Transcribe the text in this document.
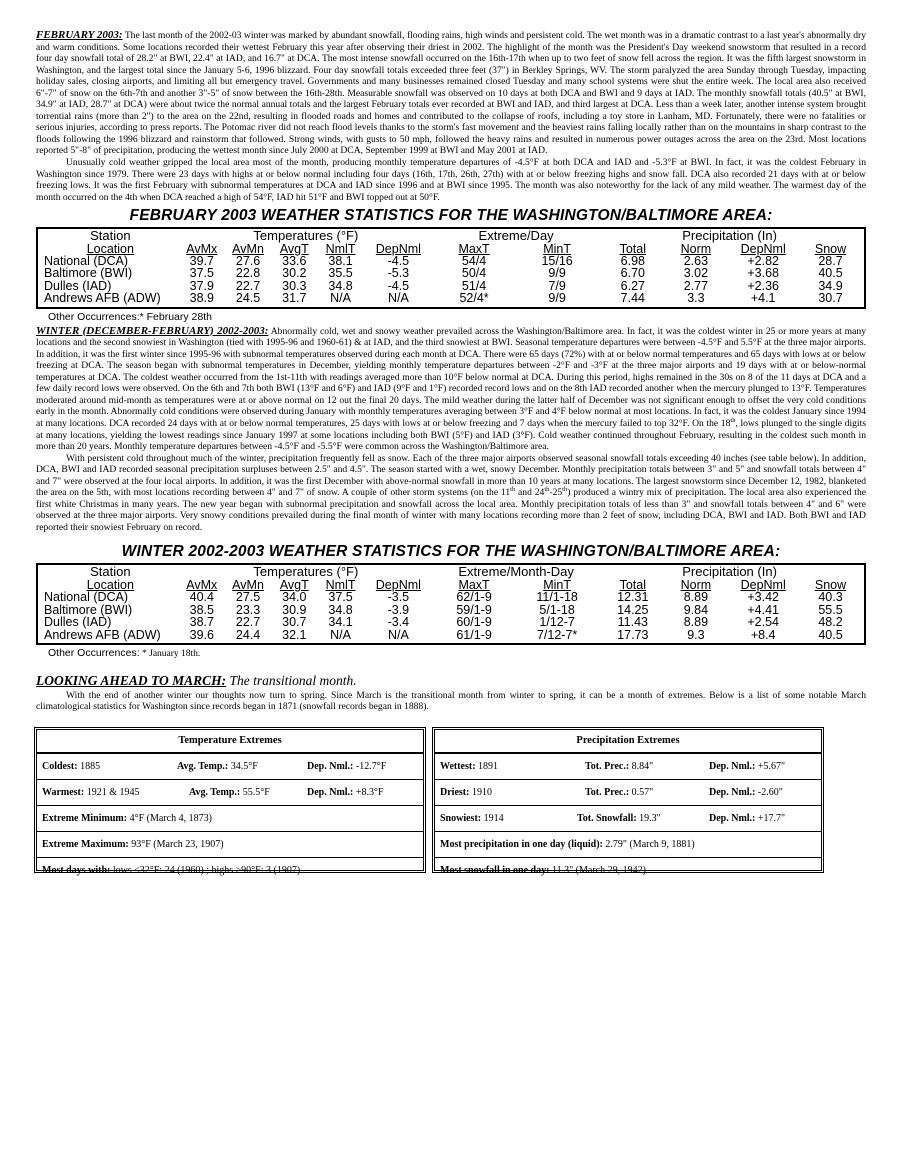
FEBRUARY 2003: The last month of the 2002-03 winter was marked by abundant snowfall, flooding rains, high winds and persistent cold. The wet month was in a dramatic contrast to a last year's abnormally dry and warm conditions. Some locations recorded their wettest February this year after observing their driest in 2002. The highlight of the month was the President's Day weekend snowstorm that resulted in a record four day snowfall total of 28.2" at BWI, 22.4" at IAD, and 16.7" at DCA. The most intense snowfall occurred on the 16th-17th when up to two feet of snow fell across the region. It was the fifth largest snowstorm in Washington, and the largest total since the January 5-6, 1996 blizzard. Four day snowfall totals exceeded three feet (37") in Berkley Springs, WV. The storm paralyzed the area Sunday through Tuesday, impacting holiday sales, closing airports, and limiting all but emergency travel. Governments and many businesses remained closed Tuesday and many school systems were shut the entire week. The local area also received 6"-7" of snow on the 6th-7th and another 3"-5" of snow between the 16th-28th. Measurable snowfall was observed on 10 days at both DCA and BWI and 9 days at IAD. The monthly snowfall totals (40.5" at BWI, 34.9" at IAD, 28.7" at DCA) were about twice the normal annual totals and the largest February totals ever recorded at BWI and IAD, and third largest at DCA. Less than a week later, another intense system brought torrential rains (more than 2") to the area on the 22nd, resulting in flooded roads and homes and contributed to the collapse of roofs, including a toy store in Lanham, MD. Fortunately, there were no fatalities or serious injuries, according to press reports. The Potomac river did not reach flood levels thanks to the storm's fast movement and the heaviest rains falling locally rather than on the mountains in sharp contrast to the floods following the 1996 blizzard and rainstorm that followed. Strong winds, with gusts to 50 mph, followed the heavy rains and resulted in numerous power outages across the area on the 23rd. Most locations reported 5"-8" of precipitation, producing the wettest month since July 2000 at DCA, September 1999 at BWI and May 2001 at IAD.

Unusually cold weather gripped the local area most of the month, producing monthly temperature departures of -4.5°F at both DCA and IAD and -5.3°F at BWI. In fact, it was the coldest February in Washington since 1979. There were 23 days with highs at or below normal including four days (16th, 17th, 26th, 27th) with at or below freezing highs and snow fall. DCA also recorded 21 days with at or below freezing lows. It was the first February with subnormal temperatures at DCA and IAD since 1996 and at BWI since 1995. The month was also noteworthy for the lack of any mild weather. The warmest day of the month occurred on the 4th when DCA reached a high of 54°F, IAD hit 51°F and BWI topped out at 50°F.

FEBRUARY 2003 WEATHER STATISTICS FOR THE WASHINGTON/BALTIMORE AREA:
Station	Temperatures (°F)					Extreme/Day		Precipitation (In)			
Location	AvMx	AvMn	AvgT	NmlT	DepNml	MaxT	MinT	Total	Norm	DepNml	Snow
National (DCA)	39.7	27.6	33.6	38.1	-4.5	54/4	15/16	6.98	2.63	+2.82	28.7
Baltimore (BWI)	37.5	22.8	30.2	35.5	-5.3	50/4	9/9	6.70	3.02	+3.68	40.5
Dulles (IAD)	37.9	22.7	30.3	34.8	-4.5	51/4	7/9	6.27	2.77	+2.36	34.9
Andrews AFB (ADW)	38.9	24.5	31.7	N/A	N/A	52/4*	9/9	7.44	3.3	+4.1	30.7
Other Occurrences:* February 28th

WINTER (DECEMBER-FEBRUARY) 2002-2003: Abnormally cold, wet and snowy weather prevailed across the Washington/Baltimore area. In fact, it was the coldest winter in 25 or more years at many locations and the second snowiest in Washington (tied with 1995-96 and 1960-61) & at IAD, and the third snowiest at BWI. Seasonal temperature departures were between -4.5°F and 5.5°F at the three major airports. In addition, it was the first winter since 1995-96 with subnormal temperatures observed during each month at DCA. There were 65 days (72%) with at or below normal temperatures and 65 days with lows at or below freezing at DCA. The season began with subnormal temperatures in December, yielding monthly temperature departures between -2°F and -3°F at the three major airports and 19 days with at or below-normal temperatures at DCA. The coldest weather occurred from the 1st-11th with readings averaged more than 10°F below normal at DCA. During this period, highs remained in the 30s on 8 of the 11 days at DCA and a few daily record lows were observed. On the 6th and 7th both BWI (13°F and 6°F) and IAD (9°F and 1°F) recorded record lows and on the 8th IAD recorded another when the mercury plunged to 13°F. Temperatures moderated around mid-month as temperatures were at or above normal on 12 out the final 20 days. The mild weather during the latter half of December was not significant enough to offset the very cold conditions early in the month. Abnormally cold conditions were observed during January with monthly temperatures averaging between 3°F and 4°F below normal at most locations. In fact, it was the coldest January since 1994 at many locations. DCA recorded 24 days with at or below normal temperatures, 25 days with lows at or below freezing and 7 days when the mercury failed to top 32°F. On the 18th, lows plunged to the single digits at many locations, yielding the lowest readings since January 1997 at some locations including both BWI (5°F) and IAD (3°F). Cold weather continued throughout February, resulting in the coldest such month in more than 20 years. Monthly temperature departures between -4.5°F and -5.5°F were common across the Washington/Baltimore area.

With persistent cold throughout much of the winter, precipitation frequently fell as snow. Each of the three major airports observed seasonal snowfall totals exceeding 40 inches (see table below). In addition, DCA, BWI and IAD recorded seasonal precipitation surpluses between 2.5" and 4.5". The season started with a wet, snowy December. Monthly precipitation totals between 3" and 5" and snowfall totals between 4" and 7" were observed at the four local airports. In addition, it was the first December with above-normal snowfall in more than 10 years at many locations. The largest snowstorm since December 12, 1982, blanketed the area on the 5th, with most locations recording between 4" and 7" of snow. A couple of other storm systems (on the 11th and 24th-25th) produced a wintry mix of precipitation. The local area also experienced the first white Christmas in many years. The new year began with subnormal precipitation and snowfall across the local area. Monthly precipitation totals of less than 3" and snowfall totals between 4" and 6" were observed at the three major airports. Very snowy conditions prevailed during the final month of winter with many locations recording more than 2 feet of snow, including DCA, BWI and IAD. Both BWI and IAD reported their snowiest February on record.

WINTER 2002-2003 WEATHER STATISTICS FOR THE WASHINGTON/BALTIMORE AREA:
Station	Temperatures (°F)					Extreme/Month-Day		Precipitation (In)			
Location	AvMx	AvMn	AvgT	NmlT	DepNml	MaxT	MinT	Total	Norm	DepNml	Snow
National (DCA)	40.4	27.5	34.0	37.5	-3.5	62/1-9	11/1-18	12.31	8.89	+3.42	40.3
Baltimore (BWI)	38.5	23.3	30.9	34.8	-3.9	59/1-9	5/1-18	14.25	9.84	+4.41	55.5
Dulles (IAD)	38.7	22.7	30.7	34.1	-3.4	60/1-9	1/12-7	11.43	8.89	+2.54	48.2
Andrews AFB (ADW)	39.6	24.4	32.1	N/A	N/A	61/1-9	7/12-7*	17.73	9.3	+8.4	40.5
Other Occurrences: * January 18th.
LOOKING AHEAD TO MARCH: The transitional month.

With the end of another winter our thoughts now turn to spring. Since March is the transitional month from winter to spring, it can be a month of extremes. Below is a list of some notable March climatological statistics for Washington since records began in 1871 (snowfall records began in 1888).

Temperature Extremes
Coldest: 1885	Avg. Temp.: 34.5°F	Dep. Nml.: -12.7°F
Warmest: 1921 & 1945	Avg. Temp.: 55.5°F	Dep. Nml.: +8.3°F
Extreme Minimum: 4°F (March 4, 1873)
Extreme Maximum: 93°F (March 23, 1907)
Most days with: lows ≤32°F: 24 (1960) ; highs ≥90°F: 3 (1907)
Precipitation Extremes
Wettest: 1891	Tot. Prec.: 8.84"	Dep. Nml.: +5.67"
Driest: 1910	Tot. Prec.: 0.57"	Dep. Nml.: -2.60"
Snowiest: 1914	Tot. Snowfall: 19.3"	Dep. Nml.: +17.7"
Most precipitation in one day (liquid): 2.79" (March 9, 1881)
Most snowfall in one day: 11.3" (March 29, 1942)
